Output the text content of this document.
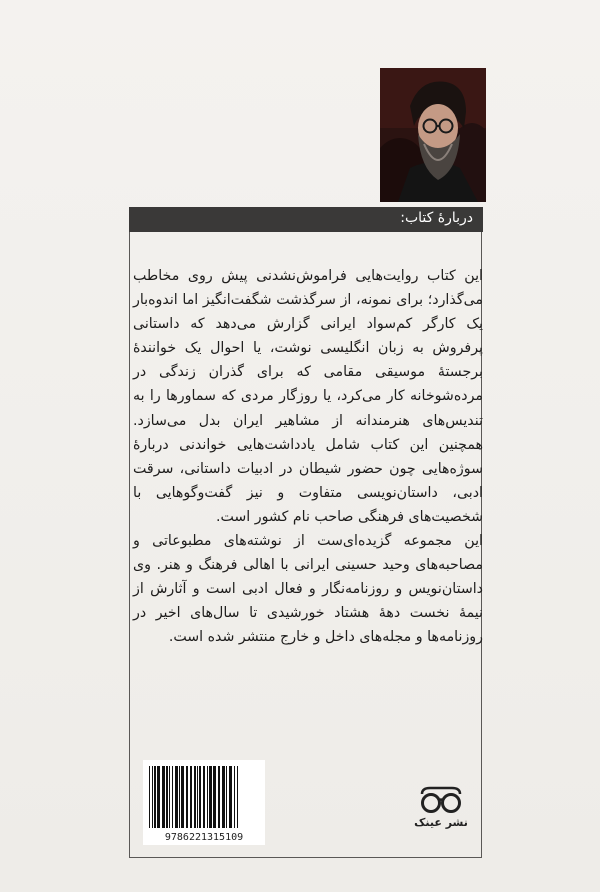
درباره‌ٔ کتاب:

این کتاب روایت‌هایی فراموش‌نشدنی پیش روی مخاطب می‌گذارد؛ برای نمونه، از سرگذشت شگفت‌انگیز اما اندوه‌بار یک کارگر کم‌سواد ایرانی گزارش می‌دهد که داستانی پرفروش به زبان انگلیسی نوشت، یا احوال یک خوانندهٔ برجستهٔ موسیقی مقامی که برای گذران زندگی در مرده‌شوخانه کار می‌کرد، یا روزگار مردی که سماورها را به تندیس‌های هنرمندانه از مشاهیر ایران بدل می‌سازد. همچنین این کتاب شامل یادداشت‌هایی خواندنی دربارهٔ سوژه‌هایی چون حضور شیطان در ادبیات داستانی، سرقت ادبی، داستان‌نویسی متفاوت و نیز گفت‌وگوهایی با شخصیت‌های فرهنگی صاحب نام کشور است.

این مجموعه گزیده‌ای‌ست از نوشته‌های مطبوعاتی و مصاحبه‌های وحید حسینی ایرانی با اهالی فرهنگ و هنر. وی داستان‌نویس و روزنامه‌نگار و فعال ادبی است و آثارش از نیمهٔ نخست دههٔ هشتاد خورشیدی تا سال‌های اخیر در روزنامه‌ها و مجله‌های داخل و خارج منتشر شده است.

9786221315109
نشر عینک
